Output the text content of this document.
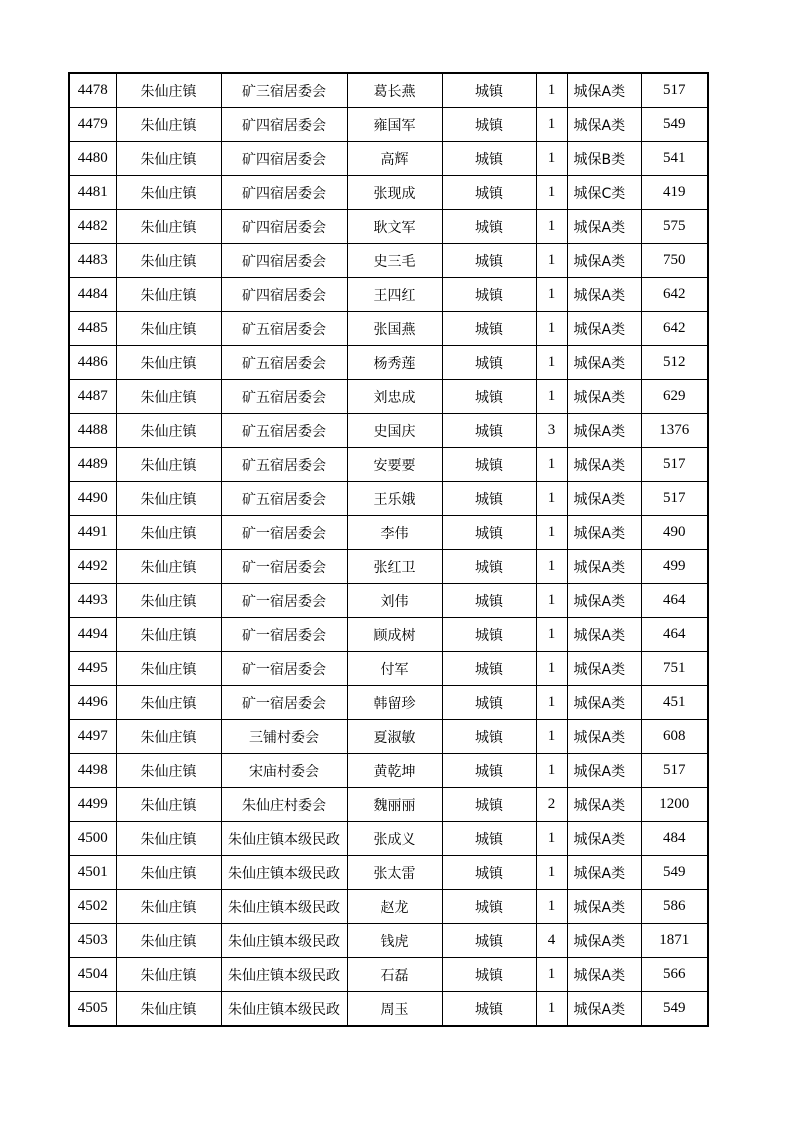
4478	朱仙庄镇	矿三宿居委会	葛长燕	城镇	1	城保A类	517
4479	朱仙庄镇	矿四宿居委会	雍国军	城镇	1	城保A类	549
4480	朱仙庄镇	矿四宿居委会	高辉	城镇	1	城保B类	541
4481	朱仙庄镇	矿四宿居委会	张现成	城镇	1	城保C类	419
4482	朱仙庄镇	矿四宿居委会	耿文军	城镇	1	城保A类	575
4483	朱仙庄镇	矿四宿居委会	史三毛	城镇	1	城保A类	750
4484	朱仙庄镇	矿四宿居委会	王四红	城镇	1	城保A类	642
4485	朱仙庄镇	矿五宿居委会	张国燕	城镇	1	城保A类	642
4486	朱仙庄镇	矿五宿居委会	杨秀莲	城镇	1	城保A类	512
4487	朱仙庄镇	矿五宿居委会	刘忠成	城镇	1	城保A类	629
4488	朱仙庄镇	矿五宿居委会	史国庆	城镇	3	城保A类	1376
4489	朱仙庄镇	矿五宿居委会	安要要	城镇	1	城保A类	517
4490	朱仙庄镇	矿五宿居委会	王乐娥	城镇	1	城保A类	517
4491	朱仙庄镇	矿一宿居委会	李伟	城镇	1	城保A类	490
4492	朱仙庄镇	矿一宿居委会	张红卫	城镇	1	城保A类	499
4493	朱仙庄镇	矿一宿居委会	刘伟	城镇	1	城保A类	464
4494	朱仙庄镇	矿一宿居委会	顾成树	城镇	1	城保A类	464
4495	朱仙庄镇	矿一宿居委会	付军	城镇	1	城保A类	751
4496	朱仙庄镇	矿一宿居委会	韩留珍	城镇	1	城保A类	451
4497	朱仙庄镇	三铺村委会	夏淑敏	城镇	1	城保A类	608
4498	朱仙庄镇	宋庙村委会	黄乾坤	城镇	1	城保A类	517
4499	朱仙庄镇	朱仙庄村委会	魏丽丽	城镇	2	城保A类	1200
4500	朱仙庄镇	朱仙庄镇本级民政	张成义	城镇	1	城保A类	484
4501	朱仙庄镇	朱仙庄镇本级民政	张太雷	城镇	1	城保A类	549
4502	朱仙庄镇	朱仙庄镇本级民政	赵龙	城镇	1	城保A类	586
4503	朱仙庄镇	朱仙庄镇本级民政	钱虎	城镇	4	城保A类	1871
4504	朱仙庄镇	朱仙庄镇本级民政	石磊	城镇	1	城保A类	566
4505	朱仙庄镇	朱仙庄镇本级民政	周玉	城镇	1	城保A类	549
